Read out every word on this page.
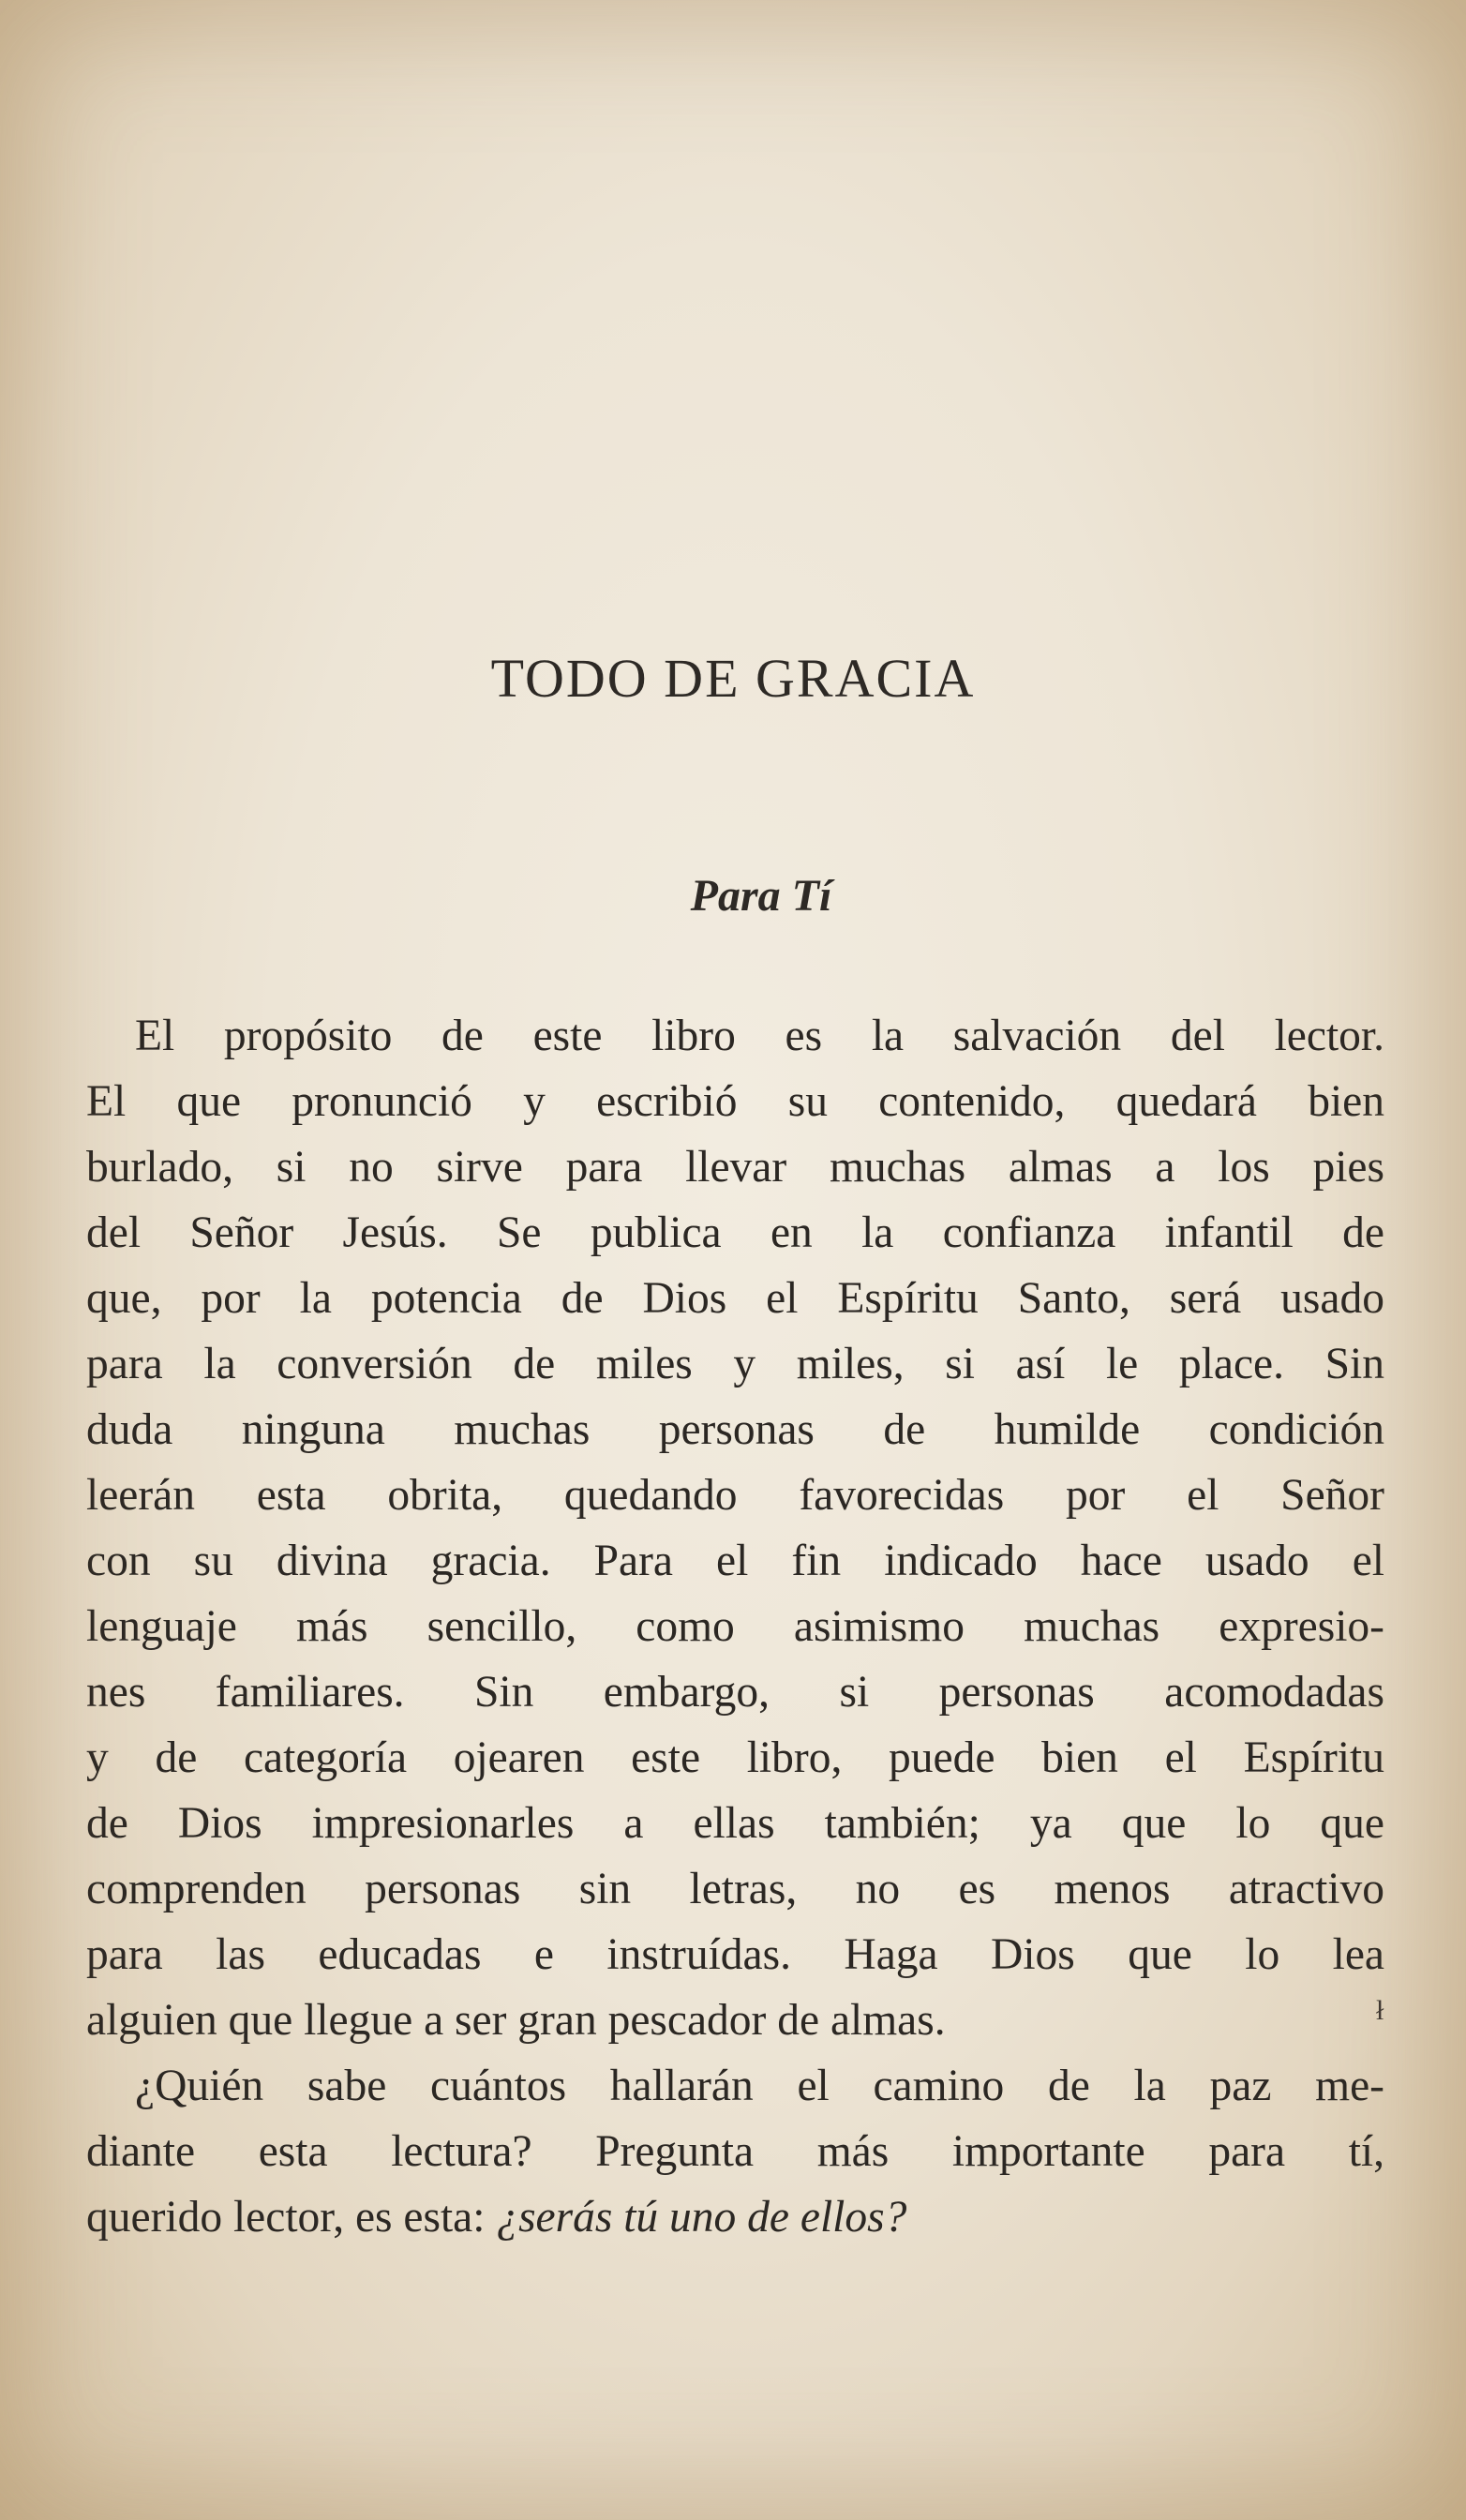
TODO DE GRACIA
Para Tí
El propósito de este libro es la salvación del lector.
El que pronunció y escribió su contenido, quedará bien
burlado, si no sirve para llevar muchas almas a los pies
del Señor Jesús. Se publica en la confianza infantil de
que, por la potencia de Dios el Espíritu Santo, será usado
para la conversión de miles y miles, si así le place. Sin
duda ninguna muchas personas de humilde condición
leerán esta obrita, quedando favorecidas por el Señor
con su divina gracia. Para el fin indicado hace usado el
lenguaje más sencillo, como asimismo muchas expresio-
nes familiares. Sin embargo, si personas acomodadas
y de categoría ojearen este libro, puede bien el Espíritu
de Dios impresionarles a ellas también; ya que lo que
comprenden personas sin letras, no es menos atractivo
para las educadas e instruídas. Haga Dios que lo lea
alguien que llegue a ser gran pescador de almas.
¿Quién sabe cuántos hallarán el camino de la paz me-
diante esta lectura? Pregunta más importante para tí,
querido lector, es esta: ¿serás tú uno de ellos?
ł
